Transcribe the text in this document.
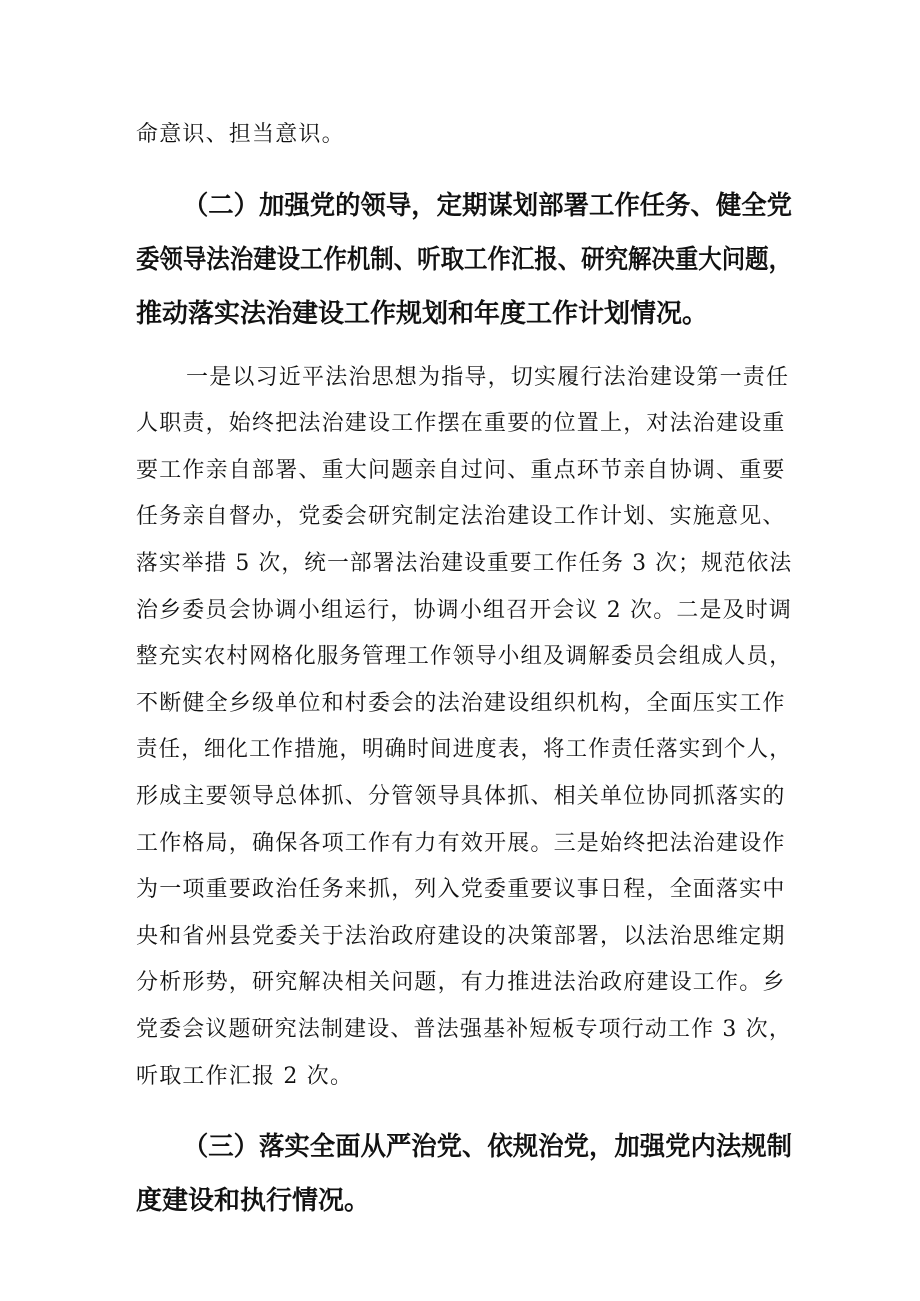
命意识、担当意识。
（二）加强党的领导，定期谋划部署工作任务、健全党
委领导法治建设工作机制、听取工作汇报、研究解决重大问题，
推动落实法治建设工作规划和年度工作计划情况。
一是以习近平法治思想为指导，切实履行法治建设第一责任
人职责，始终把法治建设工作摆在重要的位置上，对法治建设重
要工作亲自部署、重大问题亲自过问、重点环节亲自协调、重要
任务亲自督办，党委会研究制定法治建设工作计划、实施意见、
落实举措 5 次，统一部署法治建设重要工作任务 3 次；规范依法
治乡委员会协调小组运行，协调小组召开会议 2 次。二是及时调
整充实农村网格化服务管理工作领导小组及调解委员会组成人员，
不断健全乡级单位和村委会的法治建设组织机构，全面压实工作
责任，细化工作措施，明确时间进度表，将工作责任落实到个人，
形成主要领导总体抓、分管领导具体抓、相关单位协同抓落实的
工作格局，确保各项工作有力有效开展。三是始终把法治建设作
为一项重要政治任务来抓，列入党委重要议事日程，全面落实中
央和省州县党委关于法治政府建设的决策部署，以法治思维定期
分析形势，研究解决相关问题，有力推进法治政府建设工作。乡
党委会议题研究法制建设、普法强基补短板专项行动工作 3 次，
听取工作汇报 2 次。
（三）落实全面从严治党、依规治党，加强党内法规制
度建设和执行情况。
